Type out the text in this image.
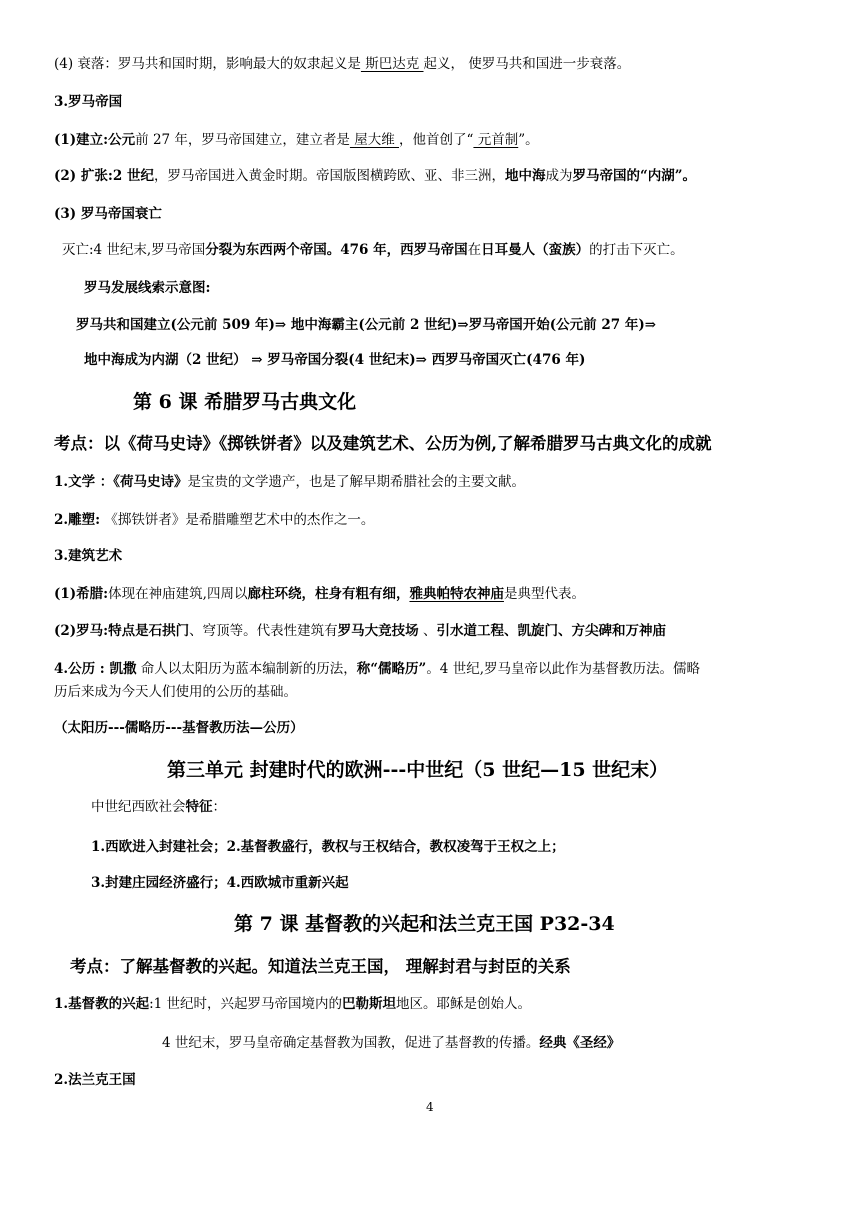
(4) 衰落：罗马共和国时期，影响最大的奴隶起义是 斯巴达克 起义， 使罗马共和国进一步衰落。
3.罗马帝国
(1)建立:公元前 27 年，罗马帝国建立，建立者是 屋大维 ，他首创了“ 元首制”。
(2) 扩张:2 世纪，罗马帝国进入黄金时期。帝国版图横跨欧、亚、非三洲，地中海成为罗马帝国的“内湖”。
(3) 罗马帝国衰亡
灭亡:4 世纪末,罗马帝国分裂为东西两个帝国。476 年，西罗马帝国在日耳曼人（蛮族）的打击下灭亡。
罗马发展线索示意图:
罗马共和国建立(公元前 509 年)⇒ 地中海霸主(公元前 2 世纪)⇒罗马帝国开始(公元前 27 年)⇒
地中海成为内湖（2 世纪） ⇒ 罗马帝国分裂(4 世纪末)⇒ 西罗马帝国灭亡(476 年)
第 6 课 希腊罗马古典文化
考点：以《荷马史诗》《掷铁饼者》以及建筑艺术、公历为例,了解希腊罗马古典文化的成就
1.文学 ：《荷马史诗》是宝贵的文学遗产，也是了解早期希腊社会的主要文献。
2.雕塑: 《掷铁饼者》是希腊雕塑艺术中的杰作之一。
3.建筑艺术
(1)希腊:体现在神庙建筑,四周以廊柱环绕，柱身有粗有细，雅典帕特农神庙是典型代表。
(2)罗马:特点是石拱门、穹顶等。代表性建筑有罗马大竞技场 、引水道工程、凯旋门、方尖碑和万神庙
4.公历 : 凯撒 命人以太阳历为蓝本编制新的历法，称“儒略历”。4 世纪,罗马皇帝以此作为基督教历法。儒略
历后来成为今天人们使用的公历的基础。
（太阳历---儒略历---基督教历法—公历）
第三单元 封建时代的欧洲---中世纪（5 世纪—15 世纪末）
中世纪西欧社会特征：
1.西欧进入封建社会；2.基督教盛行，教权与王权结合，教权凌驾于王权之上；
3.封建庄园经济盛行；4.西欧城市重新兴起
第 7 课 基督教的兴起和法兰克王国 P32-34
考点：了解基督教的兴起。知道法兰克王国， 理解封君与封臣的关系
1.基督教的兴起:1 世纪时，兴起罗马帝国境内的巴勒斯坦地区。耶稣是创始人。
4 世纪末，罗马皇帝确定基督教为国教，促进了基督教的传播。经典《圣经》
2.法兰克王国
4
